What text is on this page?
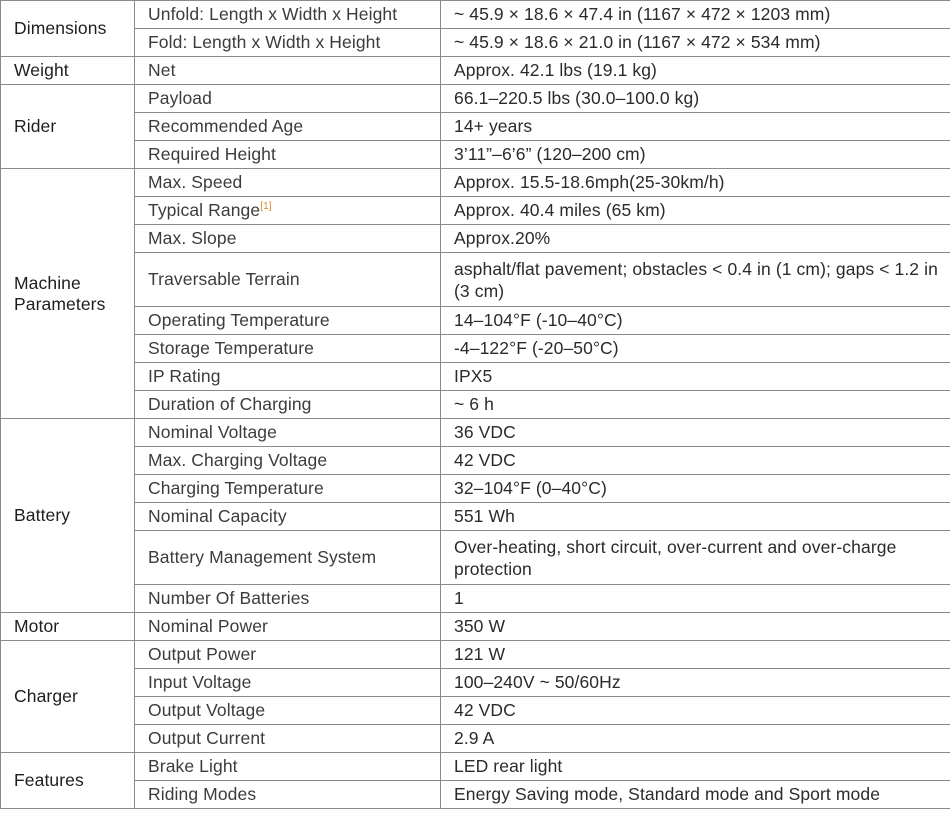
Dimensions	Unfold: Length x Width x Height	~ 45.9 × 18.6 × 47.4 in (1167 × 472 × 1203 mm)
	Fold: Length x Width x Height	~ 45.9 × 18.6 × 21.0 in (1167 × 472 × 534 mm)
Weight	Net	Approx. 42.1 lbs (19.1 kg)
Rider	Payload	66.1–220.5 lbs (30.0–100.0 kg)
	Recommended Age	14+ years
	Required Height	3’11”–6’6” (120–200 cm)
Machine Parameters	Max. Speed	Approx. 15.5-18.6mph(25-30km/h)
	Typical Range[1]	Approx. 40.4 miles (65 km)
	Max. Slope	Approx.20%
	Traversable Terrain	asphalt/flat pavement; obstacles < 0.4 in (1 cm); gaps < 1.2 in (3 cm)
	Operating Temperature	14–104°F (-10–40°C)
	Storage Temperature	-4–122°F (-20–50°C)
	IP Rating	IPX5
	Duration of Charging	~ 6 h
Battery	Nominal Voltage	36 VDC
	Max. Charging Voltage	42 VDC
	Charging Temperature	32–104°F (0–40°C)
	Nominal Capacity	551 Wh
	Battery Management System	Over-heating, short circuit, over-current and over-charge protection
	Number Of Batteries	1
Motor	Nominal Power	350 W
Charger	Output Power	121 W
	Input Voltage	100–240V ~ 50/60Hz
	Output Voltage	42 VDC
	Output Current	2.9 A
Features	Brake Light	LED rear light
	Riding Modes	Energy Saving mode, Standard mode and Sport mode
